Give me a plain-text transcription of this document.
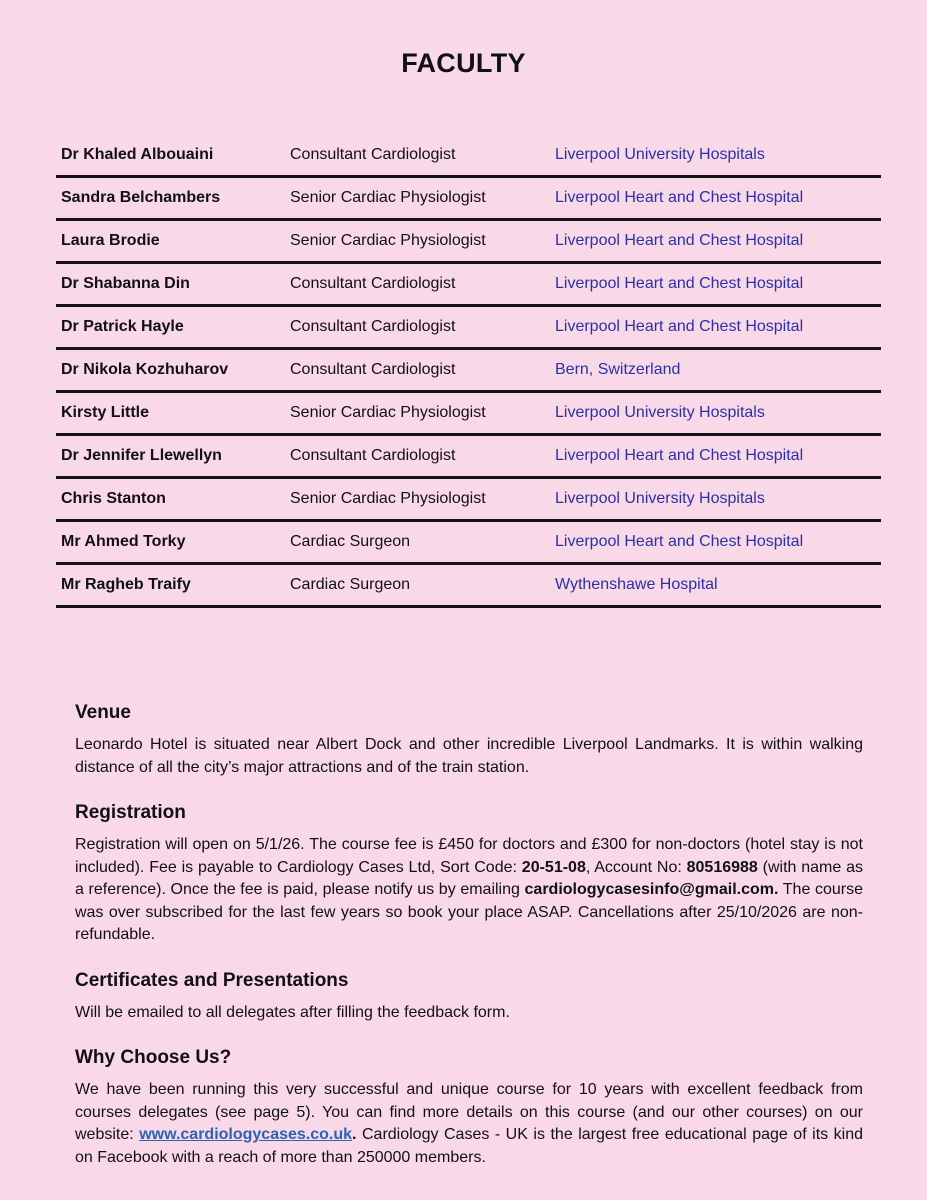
FACULTY
Dr Khaled Albouaini	Consultant Cardiologist	Liverpool University Hospitals
Sandra Belchambers	Senior Cardiac Physiologist	Liverpool Heart and Chest Hospital
Laura Brodie	Senior Cardiac Physiologist	Liverpool Heart and Chest Hospital
Dr Shabanna Din	Consultant Cardiologist	Liverpool Heart and Chest Hospital
Dr Patrick Hayle	Consultant Cardiologist	Liverpool Heart and Chest Hospital
Dr Nikola Kozhuharov	Consultant Cardiologist	Bern, Switzerland
Kirsty Little	Senior Cardiac Physiologist	Liverpool University Hospitals
Dr Jennifer Llewellyn	Consultant Cardiologist	Liverpool Heart and Chest Hospital
Chris Stanton	Senior Cardiac Physiologist	Liverpool University Hospitals
Mr Ahmed Torky	Cardiac Surgeon	Liverpool Heart and Chest Hospital
Mr Ragheb Traify	Cardiac Surgeon	Wythenshawe Hospital
Venue

Leonardo Hotel is situated near Albert Dock and other incredible Liverpool Landmarks. It is within walking distance of all the city’s major attractions and of the train station.

Registration

Registration will open on 5/1/26. The course fee is £450 for doctors and £300 for non-doctors (hotel stay is not included). Fee is payable to Cardiology Cases Ltd, Sort Code: 20-51-08, Account No: 80516988 (with name as a reference). Once the fee is paid, please notify us by emailing cardiologycasesinfo@gmail.com. The course was over subscribed for the last few years so book your place ASAP. Cancellations after 25/10/2026 are non-refundable.

Certificates and Presentations

Will be emailed to all delegates after filling the feedback form.

Why Choose Us?

We have been running this very successful and unique course for 10 years with excellent feedback from courses delegates (see page 5). You can find more details on this course (and our other courses) on our website: www.cardiologycases.co.uk. Cardiology Cases - UK is the largest free educational page of its kind on Facebook with a reach of more than 250000 members.
